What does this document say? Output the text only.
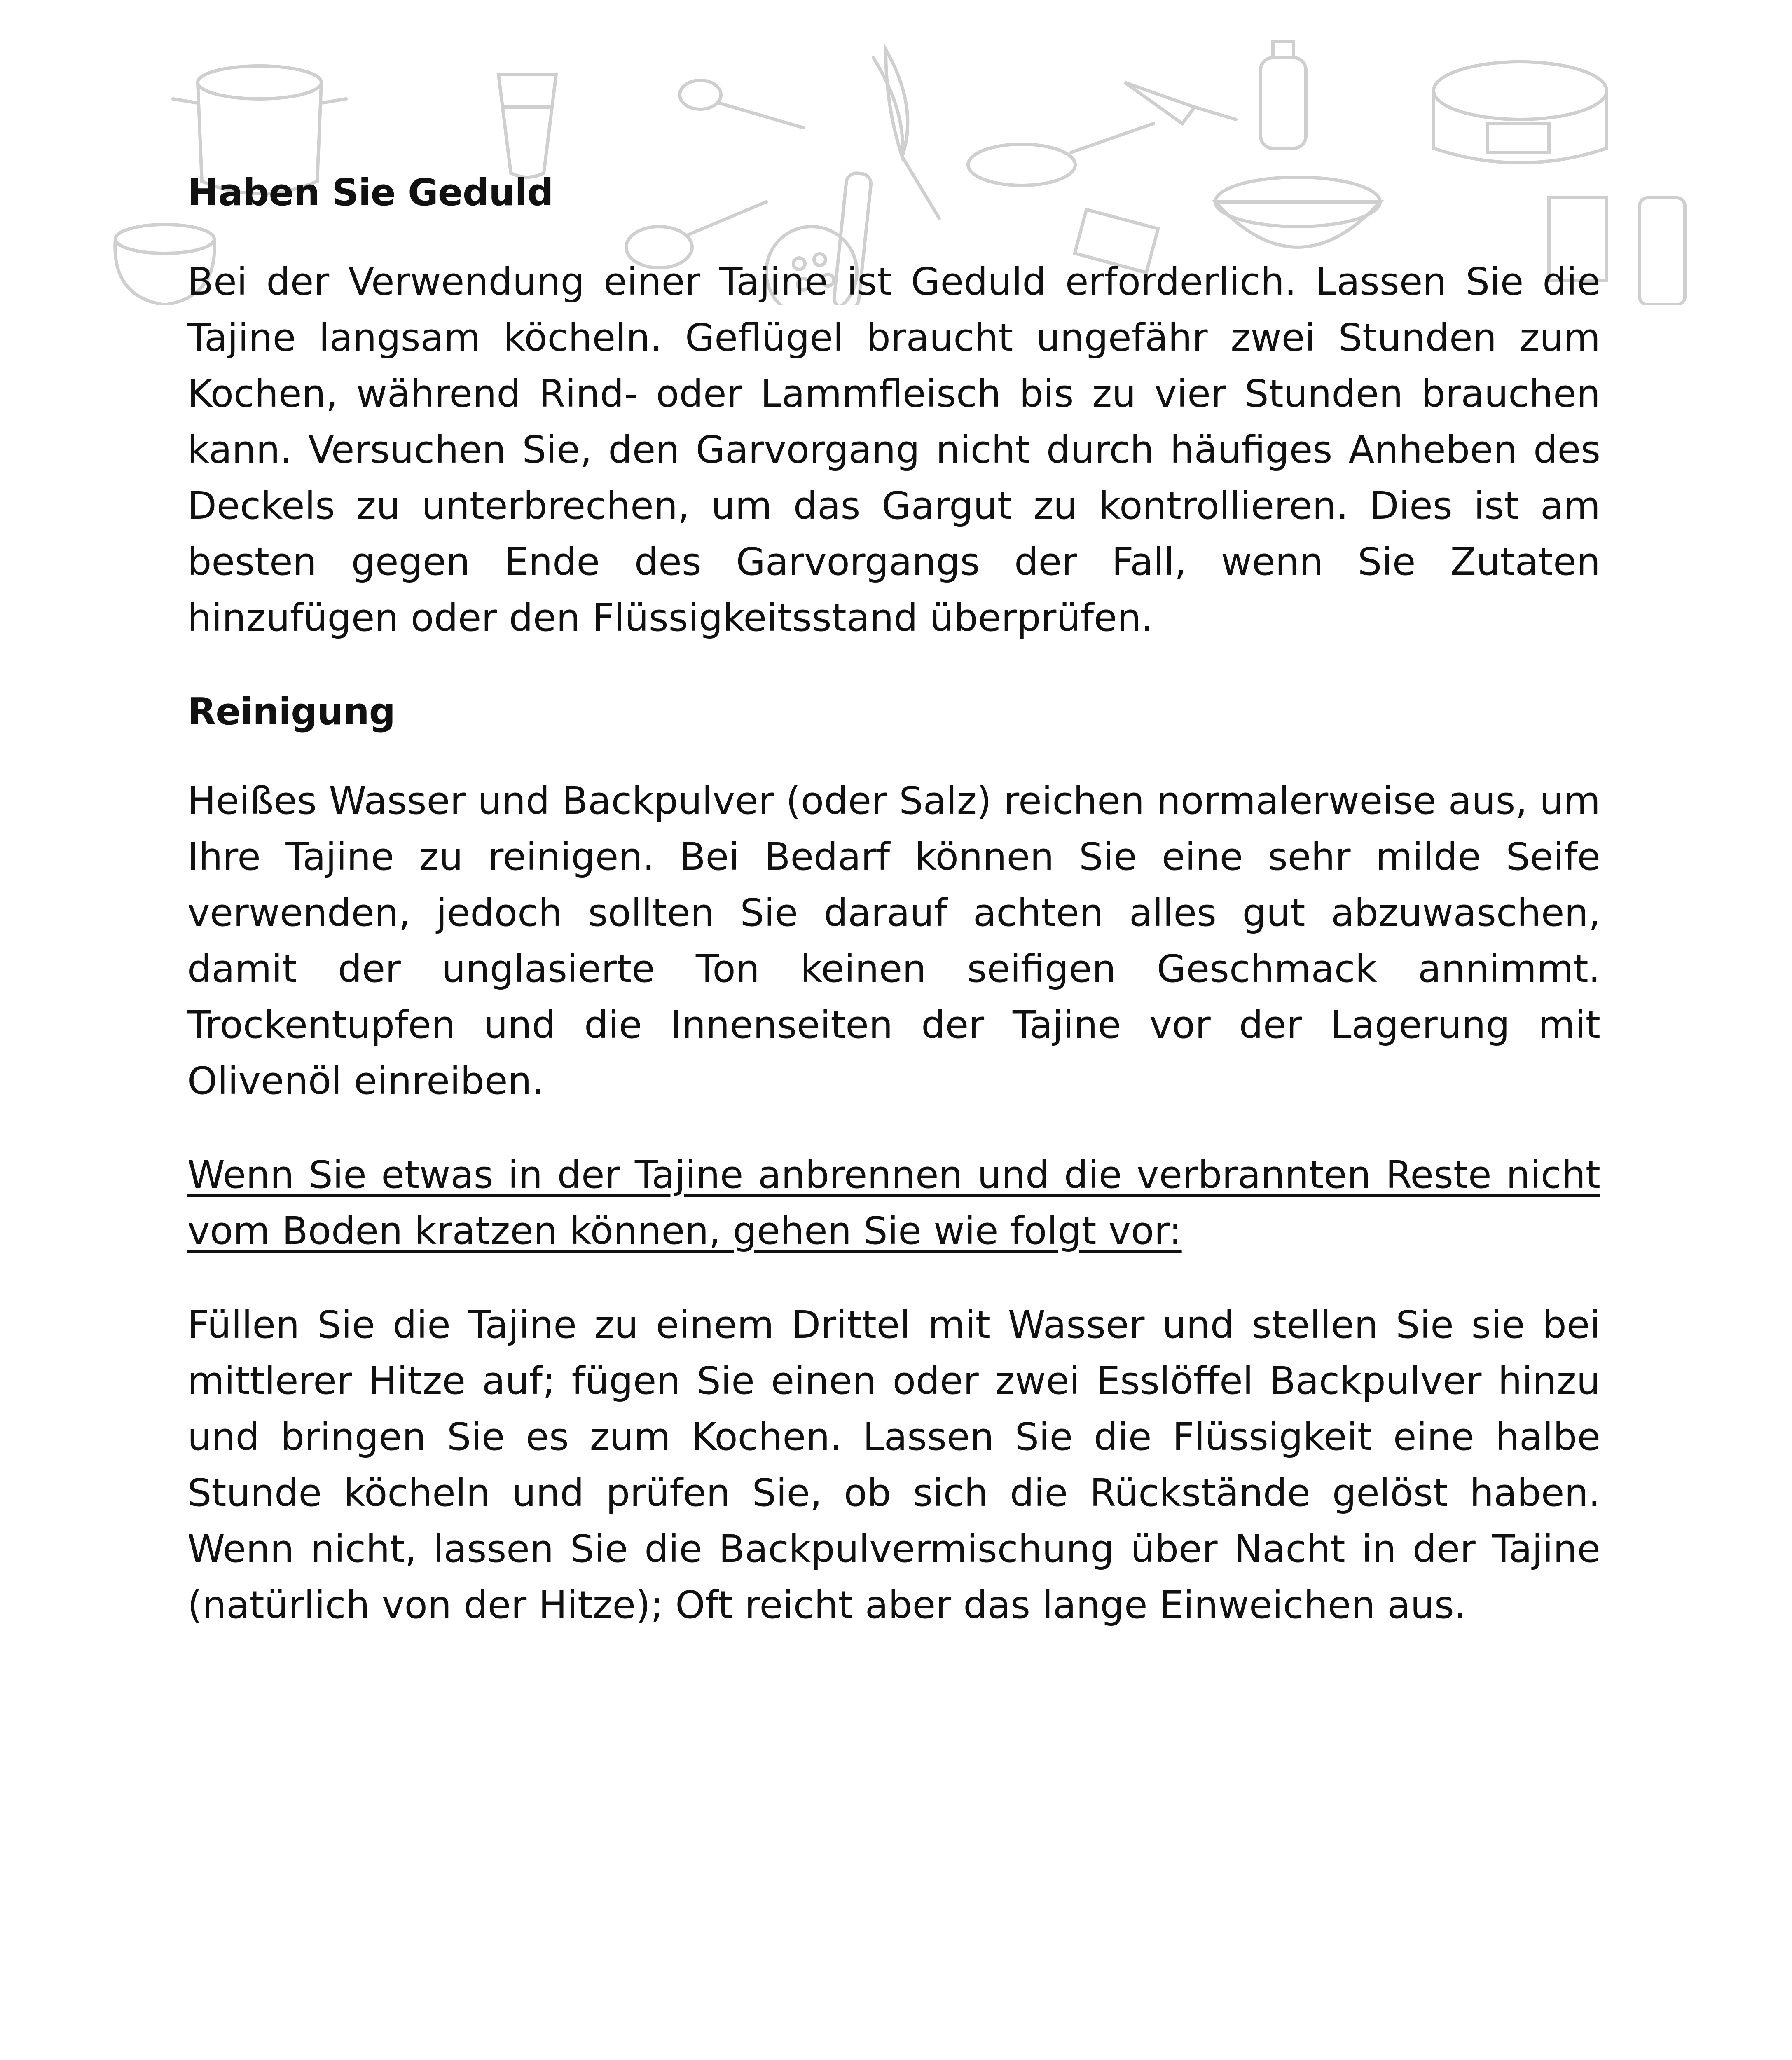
Haben Sie Geduld

Bei der Verwendung einer Tajine ist Geduld erforderlich. Lassen Sie die Tajine langsam köcheln. Geflügel braucht ungefähr zwei Stunden zum Kochen, während Rind- oder Lammfleisch bis zu vier Stunden brauchen kann. Versuchen Sie, den Garvorgang nicht durch häufiges Anheben des Deckels zu unterbrechen, um das Gargut zu kontrollieren. Dies ist am besten gegen Ende des Garvorgangs der Fall, wenn Sie Zutaten hinzufügen oder den Flüssigkeitsstand überprüfen.

Reinigung

Heißes Wasser und Backpulver (oder Salz) reichen normalerweise aus, um Ihre Tajine zu reinigen. Bei Bedarf können Sie eine sehr milde Seife verwenden, jedoch sollten Sie darauf achten alles gut abzuwaschen, damit der unglasierte Ton keinen seifigen Geschmack annimmt. Trockentupfen und die Innenseiten der Tajine vor der Lagerung mit Olivenöl einreiben.

Wenn Sie etwas in der Tajine anbrennen und die verbrannten Reste nicht vom Boden kratzen können, gehen Sie wie folgt vor:

Füllen Sie die Tajine zu einem Drittel mit Wasser und stellen Sie sie bei mittlerer Hitze auf; fügen Sie einen oder zwei Esslöffel Backpulver hinzu und bringen Sie es zum Kochen. Lassen Sie die Flüssigkeit eine halbe Stunde köcheln und prüfen Sie, ob sich die Rückstände gelöst haben. Wenn nicht, lassen Sie die Backpulvermischung über Nacht in der Tajine (natürlich von der Hitze); Oft reicht aber das lange Einweichen aus.
